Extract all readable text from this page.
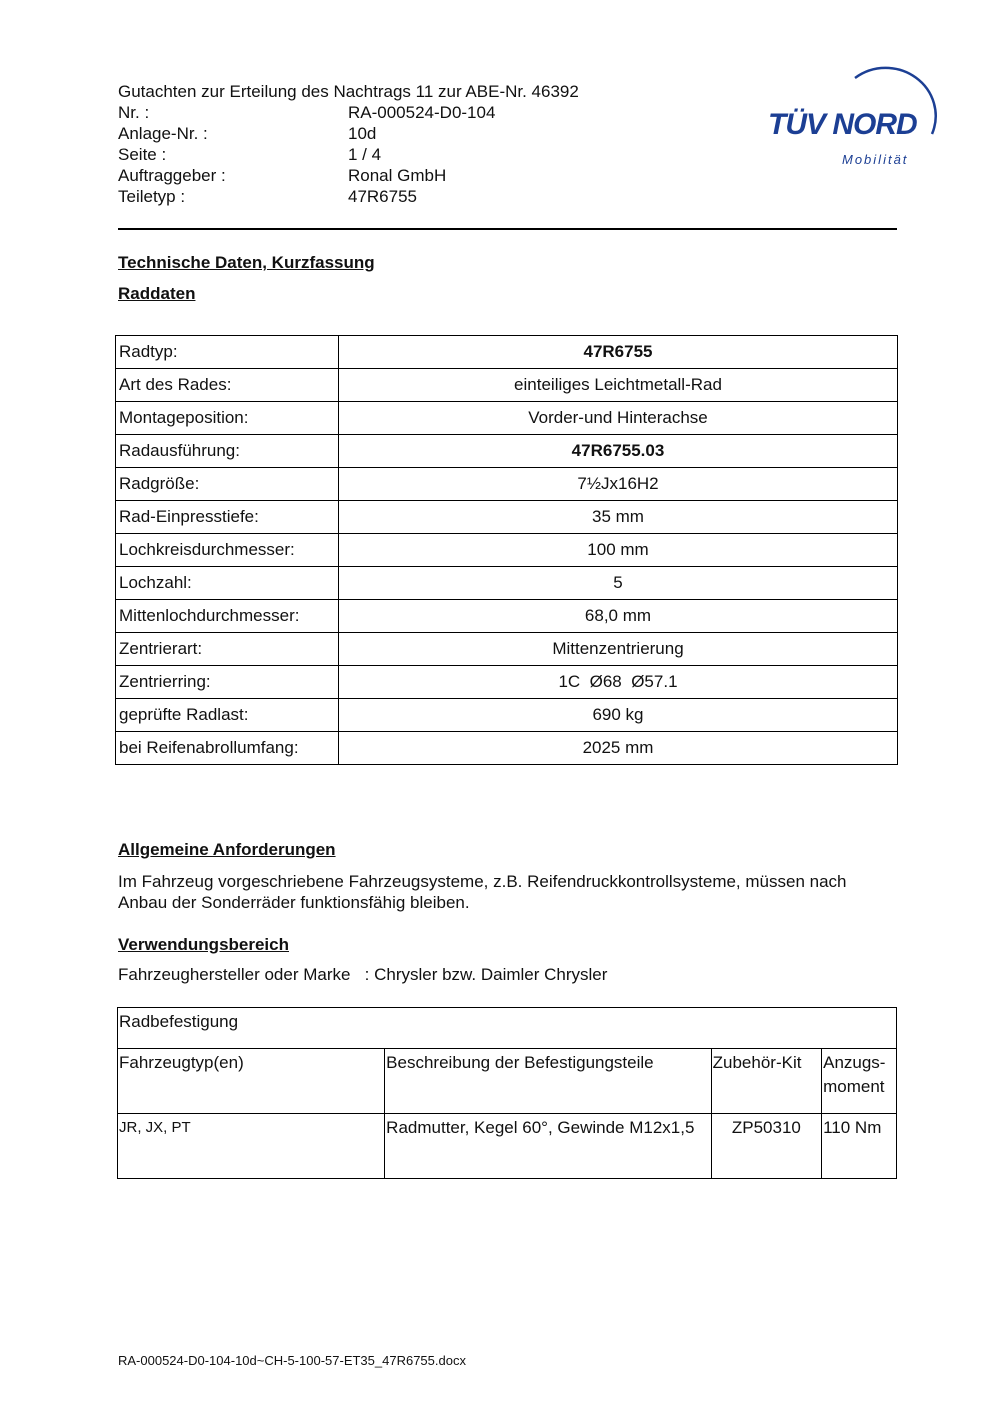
Gutachten zur Erteilung des Nachtrags 11 zur ABE-Nr. 46392
Nr. :	RA-000524-D0-104
Anlage-Nr. :	10d
Seite :	1 / 4
Auftraggeber :	Ronal GmbH
Teiletyp :	47R6755
TÜV NORD
Mobilität
Technische Daten, Kurzfassung
Raddaten
Radtyp:	47R6755
Art des Rades:	einteiliges Leichtmetall-Rad
Montageposition:	Vorder-und Hinterachse
Radausführung:	47R6755.03
Radgröße:	7½Jx16H2
Rad-Einpresstiefe:	35 mm
Lochkreisdurchmesser:	100 mm
Lochzahl:	5
Mittenlochdurchmesser:	68,0 mm
Zentrierart:	Mittenzentrierung
Zentrierring:	1C  Ø68  Ø57.1
geprüfte Radlast:	690 kg
bei Reifenabrollumfang:	2025 mm
Allgemeine Anforderungen
Im Fahrzeug vorgeschriebene Fahrzeugsysteme, z.B. Reifendruckkontrollsysteme, müssen nach Anbau der Sonderräder funktionsfähig bleiben.
Verwendungsbereich
Fahrzeughersteller oder Marke : Chrysler bzw. Daimler Chrysler
Radbefestigung			
Fahrzeugtyp(en)	Beschreibung der Befestigungsteile	Zubehör-Kit	Anzugs-moment
JR, JX, PT	Radmutter, Kegel 60°, Gewinde M12x1,5	ZP50310	110 Nm
RA-000524-D0-104-10d~CH-5-100-57-ET35_47R6755.docx
